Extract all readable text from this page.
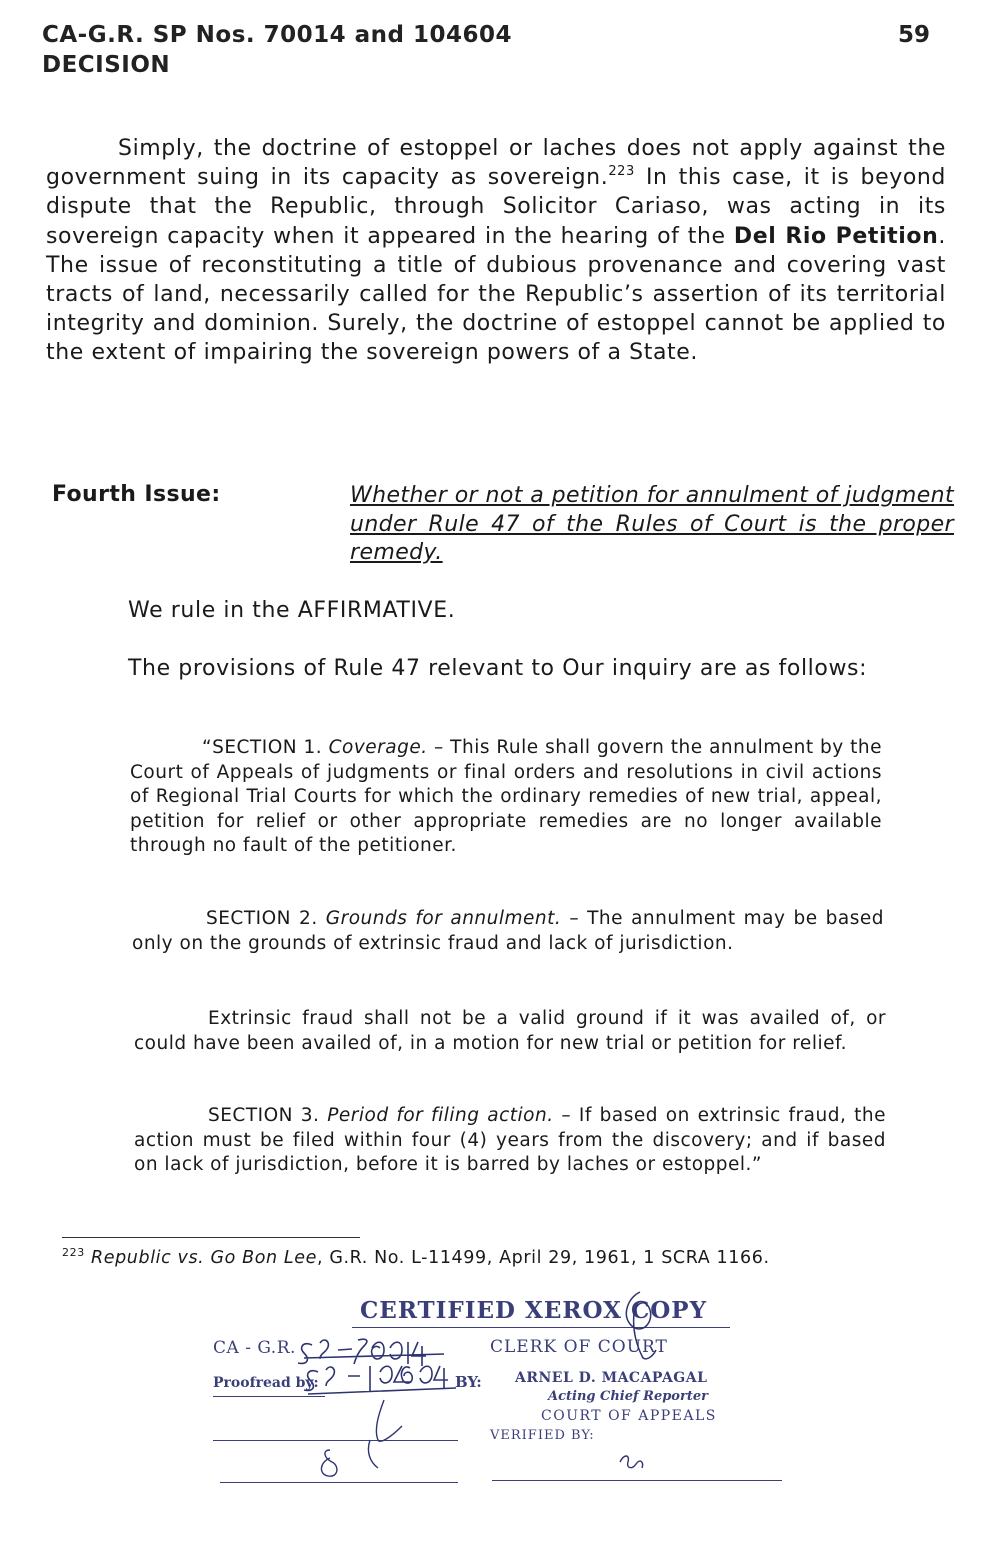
CA-G.R. SP Nos. 70014 and 104604
DECISION
59
Simply, the doctrine of estoppel or laches does not apply against the government suing in its capacity as sovereign.$^{223}$ In this case, it is beyond dispute that the Republic, through Solicitor Cariaso, was acting in its sovereign capacity when it appeared in the hearing of the Del Rio Petition. The issue of reconstituting a title of dubious provenance and covering vast tracts of land, necessarily called for the Republic’s assertion of its territorial integrity and dominion. Surely, the doctrine of estoppel cannot be applied to the extent of impairing the sovereign powers of a State.
Fourth Issue:	Whether or not a petition for annulment of judgment under Rule 47 of the Rules of Court is the proper remedy.
We rule in the AFFIRMATIVE.
The provisions of Rule 47 relevant to Our inquiry are as follows:
“SECTION 1. Coverage. – This Rule shall govern the annulment by the Court of Appeals of judgments or final orders and resolutions in civil actions of Regional Trial Courts for which the ordinary remedies of new trial, appeal, petition for relief or other appropriate remedies are no longer available through no fault of the petitioner.
SECTION 2. Grounds for annulment. – The annulment may be based only on the grounds of extrinsic fraud and lack of jurisdiction.
Extrinsic fraud shall not be a valid ground if it was availed of, or could have been availed of, in a motion for new trial or petition for relief.
SECTION 3. Period for filing action. – If based on extrinsic fraud, the action must be filed within four (4) years from the discovery; and if based on lack of jurisdiction, before it is barred by laches or estoppel.”
$^{223}$ Republic vs. Go Bon Lee, G.R. No. L-11499, April 29, 1961, 1 SCRA 1166.
CERTIFIED XEROX COPY
CA - G.R.	CLERK OF COURT
Proofread by:	BY: ARNEL D. MACAPAGAL
Acting Chief Reporter
COURT OF APPEALS
VERIFIED BY:
